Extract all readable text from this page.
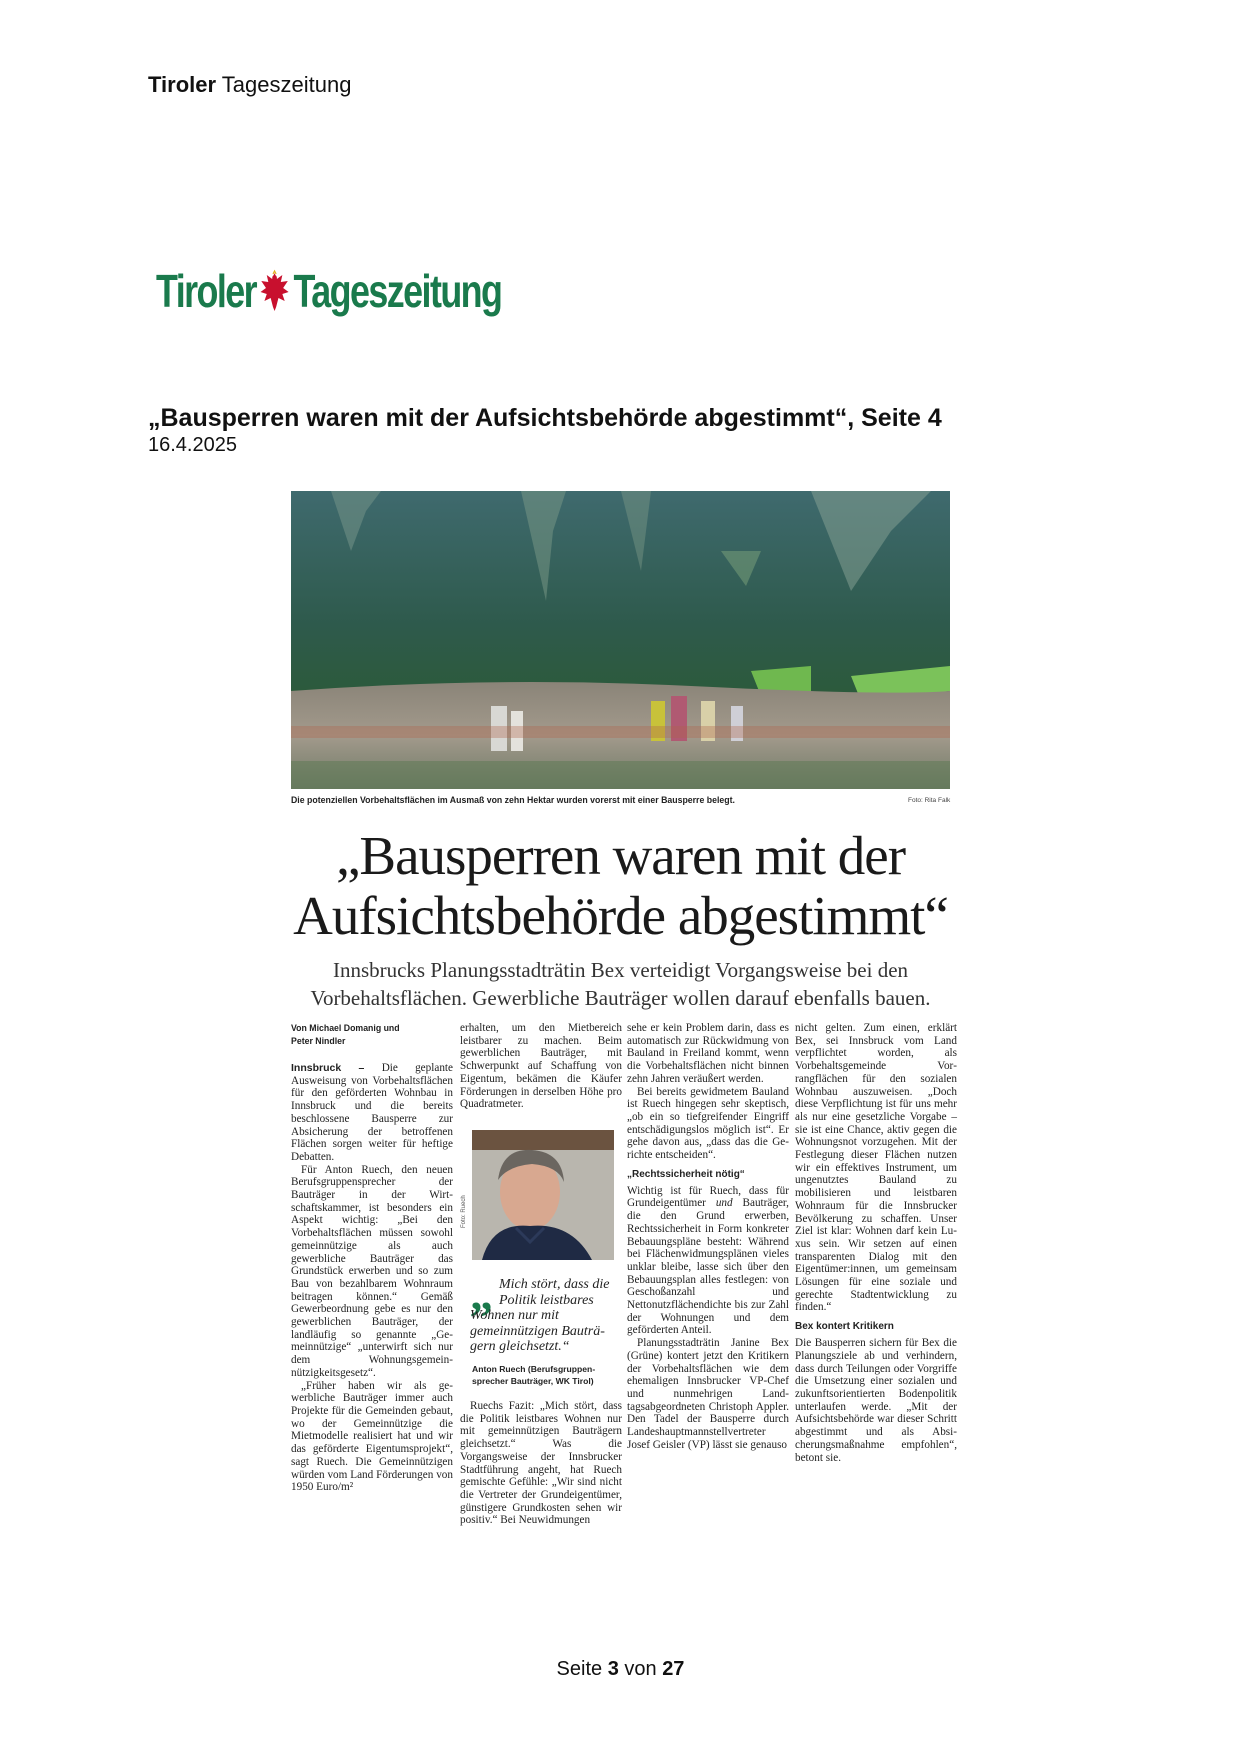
Tiroler Tageszeitung
Tiroler Tageszeitung
„Bausperren waren mit der Aufsichtsbehörde abgestimmt“, Seite 4
16.4.2025
Die potenziellen Vorbehaltsflächen im Ausmaß von zehn Hektar wurden vorerst mit einer Bausperre belegt.	Foto: Rita Falk
„Bausperren waren mit der
Aufsichtsbehörde abgestimmt“
Innsbrucks Planungsstadträtin Bex verteidigt Vorgangsweise bei den Vorbehaltsflächen. Gewerbliche Bauträger wollen darauf ebenfalls bauen.
Von Michael Domanig und
Peter Nindler

Innsbruck – Die geplante Ausweisung von Vorbehaltsflächen für den geförderten Wohnbau in Innsbruck und die bereits beschlossene Bausperre zur Absicherung der betroffenen Flächen sorgen weiter für heftige Debatten.

Für Anton Ruech, den neuen Berufsgruppensprecher der Bauträger in der Wirtschaftskammer, ist besonders ein Aspekt wichtig: „Bei den Vorbehaltsflächen müssen sowohl gemeinnützige als auch gewerbliche Bauträger das Grundstück erwerben und so zum Bau von bezahlbarem Wohnraum beitragen können.“ Gemäß Gewerbeordnung gebe es nur den gewerblichen Bauträger, der landläufig so genannte „Gemeinnützige“ „unterwirft sich nur dem Wohnungsgemeinnützigkeitsgesetz“.

„Früher haben wir als gewerbliche Bauträger immer auch Projekte für die Gemeinden gebaut, wo der Gemeinnützige die Mietmodelle realisiert hat und wir das geförderte Eigentumsprojekt“, sagt Ruech. Die Gemeinnützigen würden vom Land Förderungen von 1950 Euro/m²

erhalten, um den Mietbereich leistbarer zu machen. Beim gewerblichen Bauträger, mit Schwerpunkt auf Schaffung von Eigentum, bekämen die Käufer Förderungen in derselben Höhe pro Quadratmeter.

Foto: Ruech
„ Mich stört, dass die Politik leistbares Wohnen nur mit gemeinnützigen Bauträgern gleichsetzt.“
Anton Ruech (Berufsgruppensprecher Bauträger, WK Tirol)

Ruechs Fazit: „Mich stört, dass die Politik leistbares Wohnen nur mit gemeinnützigen Bauträgern gleichsetzt.“ Was die Vorgangsweise der Innsbrucker Stadtführung angeht, hat Ruech gemischte Gefühle: „Wir sind nicht die Vertreter der Grundeigentümer, günstigere Grundkosten sehen wir positiv.“ Bei Neuwidmungen

sehe er kein Problem darin, dass es automatisch zur Rückwidmung von Bauland in Freiland kommt, wenn die Vorbehaltsflächen nicht binnen zehn Jahren veräußert werden.

Bei bereits gewidmetem Bauland ist Ruech hingegen sehr skeptisch, „ob ein so tiefgreifender Eingriff entschädigungslos möglich ist“. Er gehe davon aus, „dass das die Gerichte entscheiden“.

„Rechtssicherheit nötig“

Wichtig ist für Ruech, dass für Grundeigentümer und Bauträger, die den Grund erwerben, Rechtssicherheit in Form konkreter Bebauungspläne besteht: Während bei Flächenwidmungsplänen vieles unklar bleibe, lasse sich über den Bebauungsplan alles festlegen: von Geschoßanzahl und Nettonutzflächendichte bis zur Zahl der Wohnungen und dem geförderten Anteil.

Planungsstadträtin Janine Bex (Grüne) kontert jetzt den Kritikern der Vorbehaltsflächen wie dem ehemaligen Innsbrucker VP-Chef und nunmehrigen Landtagsabgeordneten Christoph Appler. Den Tadel der Bausperre durch Landeshauptmannstellvertreter Josef Geisler (VP) lässt sie genauso

nicht gelten. Zum einen, erklärt Bex, sei Innsbruck vom Land verpflichtet worden, als Vorbehaltsgemeinde Vorrangflächen für den sozialen Wohnbau auszuweisen. „Doch diese Verpflichtung ist für uns mehr als nur eine gesetzliche Vorgabe – sie ist eine Chance, aktiv gegen die Wohnungsnot vorzugehen. Mit der Festlegung dieser Flächen nutzen wir ein effektives Instrument, um ungenutztes Bauland zu mobilisieren und leistbaren Wohnraum für die Innsbrucker Bevölkerung zu schaffen. Unser Ziel ist klar: Wohnen darf kein Luxus sein. Wir setzen auf einen transparenten Dialog mit den Eigentümer:innen, um gemeinsam Lösungen für eine soziale und gerechte Stadtentwicklung zu finden.“

Bex kontert Kritikern

Die Bausperren sichern für Bex die Planungsziele ab und verhindern, dass durch Teilungen oder Vorgriffe die Umsetzung einer sozialen und zukunftsorientierten Bodenpolitik unterlaufen werde. „Mit der Aufsichtsbehörde war dieser Schritt abgestimmt und als Absicherungsmaßnahme empfohlen“, betont sie.

Seite 3 von 27
